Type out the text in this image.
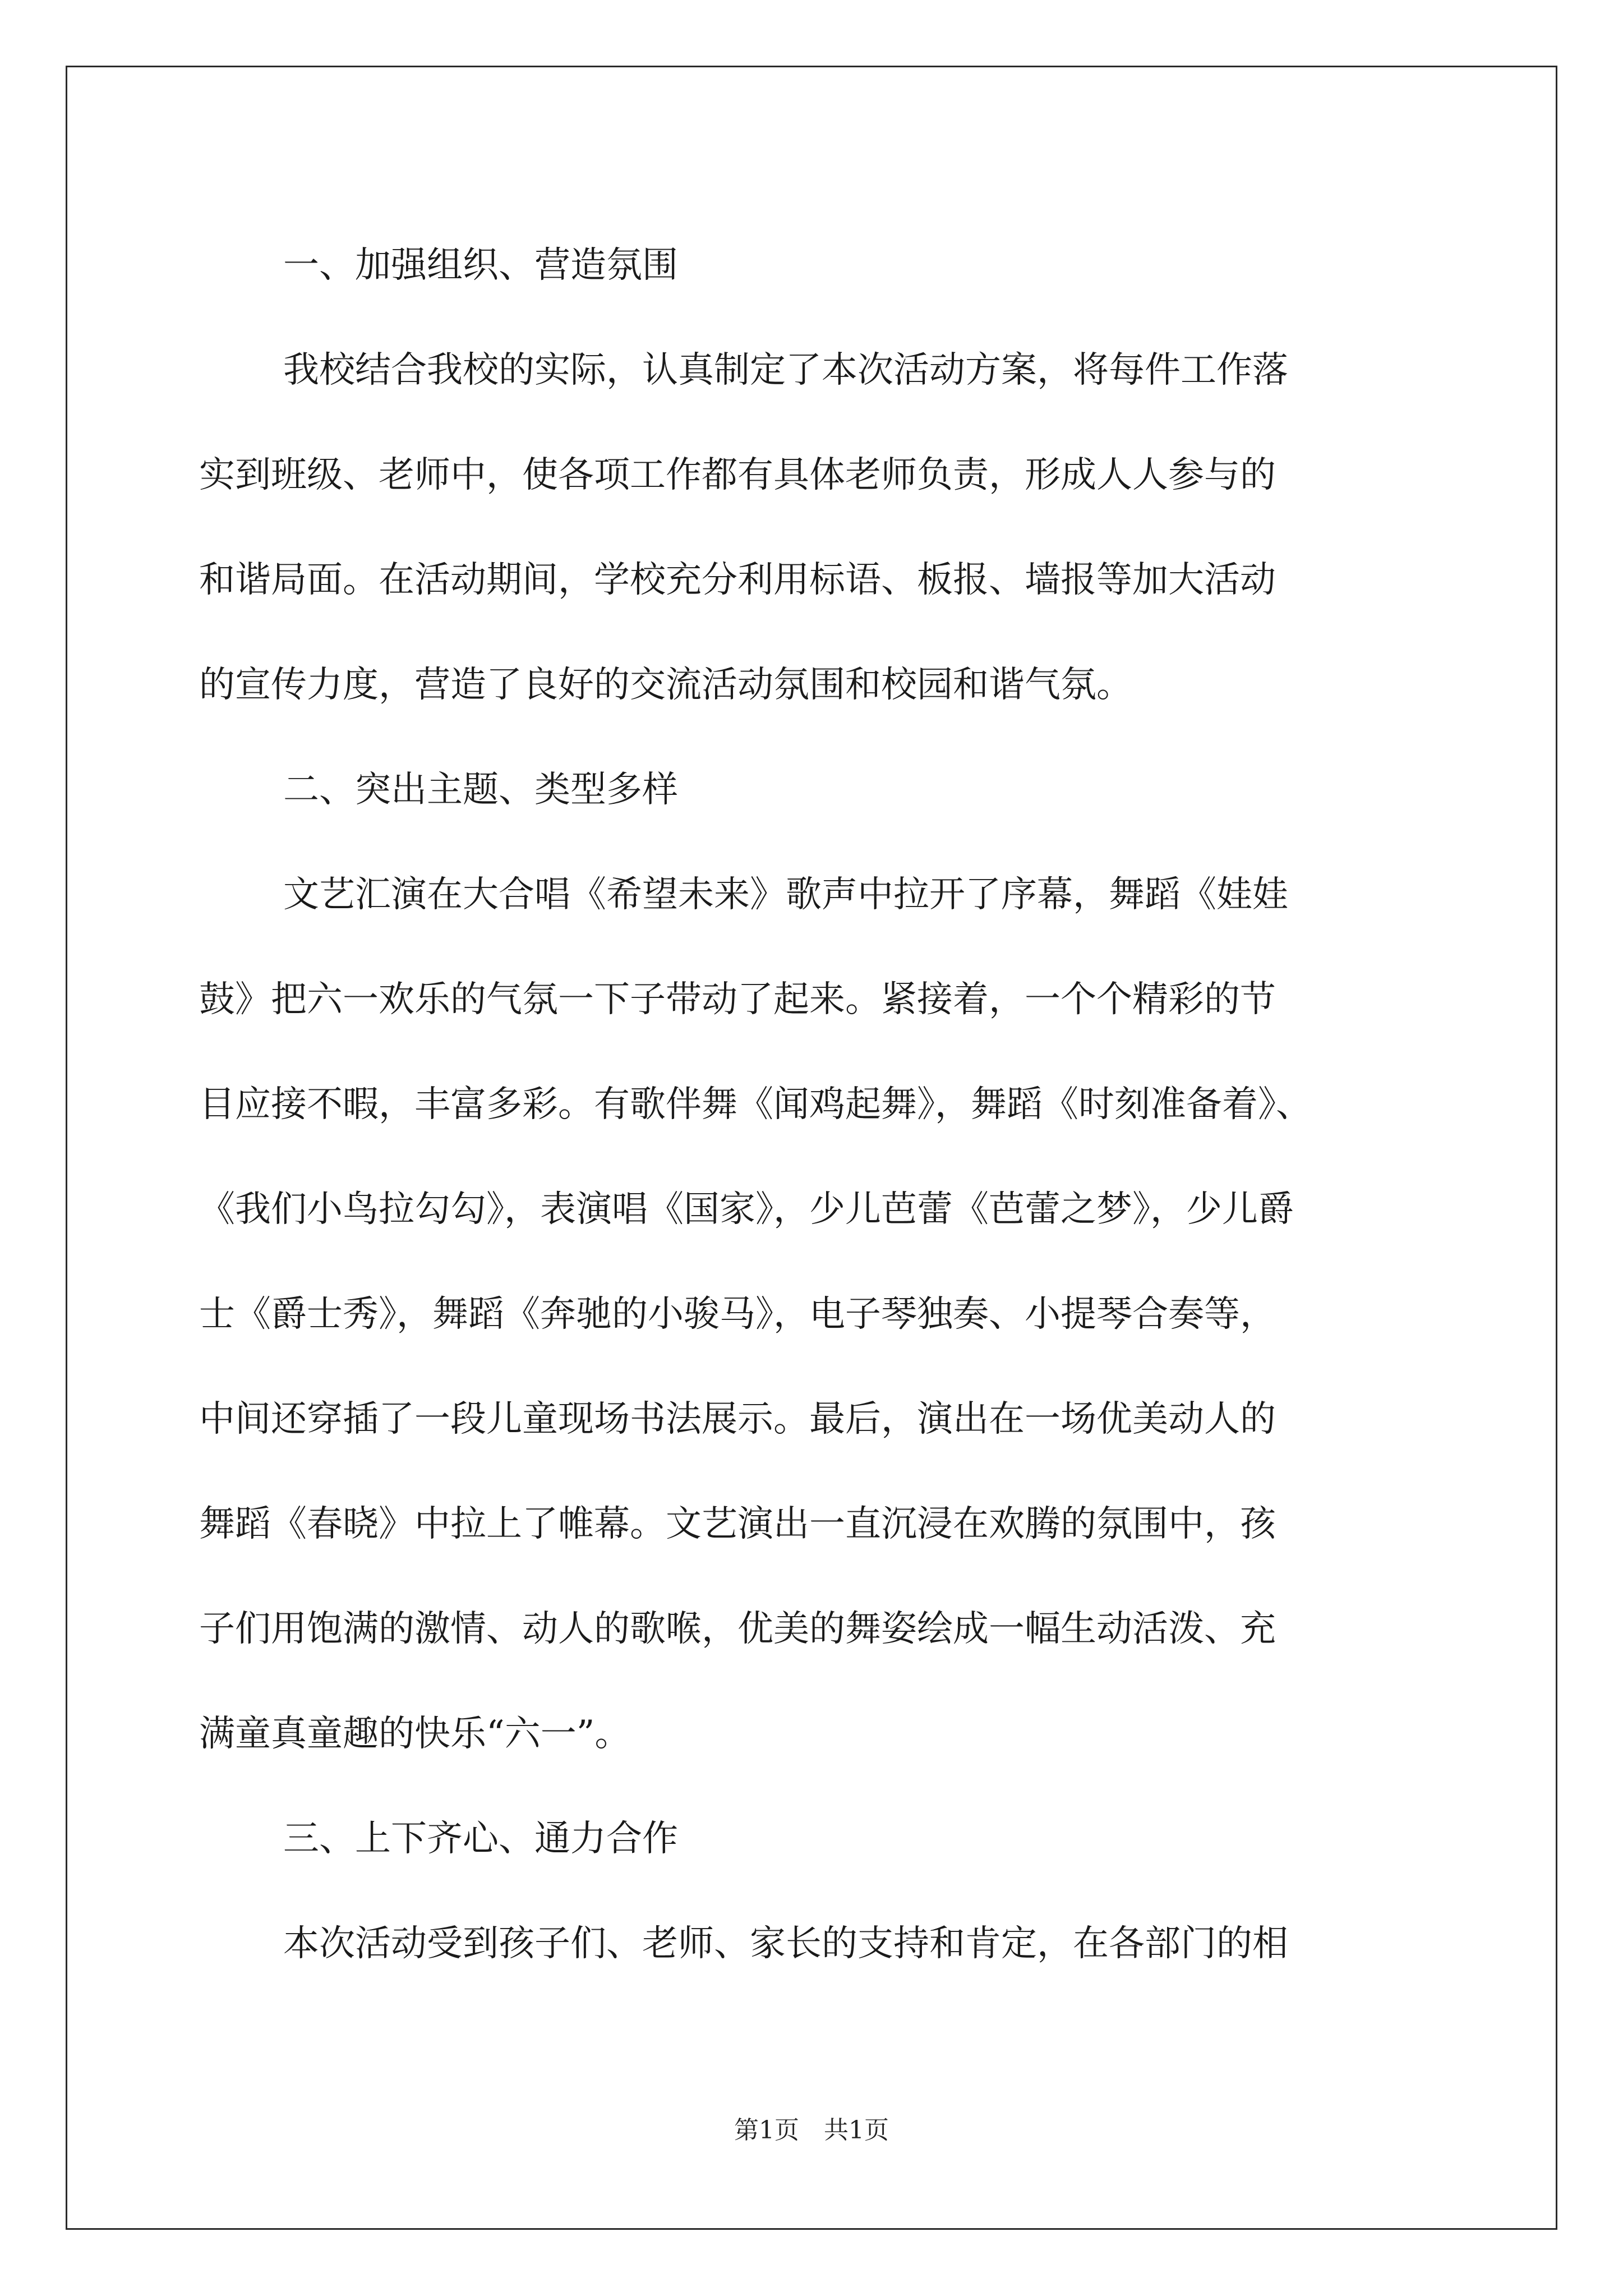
一、加强组织、营造氛围
我校结合我校的实际，认真制定了本次活动方案，将每件工作落
实到班级、老师中，使各项工作都有具体老师负责，形成人人参与的
和谐局面。在活动期间，学校充分利用标语、板报、墙报等加大活动
的宣传力度，营造了良好的交流活动氛围和校园和谐气氛。
二、突出主题、类型多样
文艺汇演在大合唱《希望未来》歌声中拉开了序幕，舞蹈《娃娃
鼓》把六一欢乐的气氛一下子带动了起来。紧接着，一个个精彩的节
目应接不暇，丰富多彩。有歌伴舞《闻鸡起舞》，舞蹈《时刻准备着》、
《我们小鸟拉勾勾》，表演唱《国家》，少儿芭蕾《芭蕾之梦》，少儿爵
士《爵士秀》，舞蹈《奔驰的小骏马》，电子琴独奏、小提琴合奏等，
中间还穿插了一段儿童现场书法展示。最后，演出在一场优美动人的
舞蹈《春晓》中拉上了帷幕。文艺演出一直沉浸在欢腾的氛围中，孩
子们用饱满的激情、动人的歌喉，优美的舞姿绘成一幅生动活泼、充
满童真童趣的快乐“六一”。
三、上下齐心、通力合作
本次活动受到孩子们、老师、家长的支持和肯定，在各部门的相
第1页　共1页
